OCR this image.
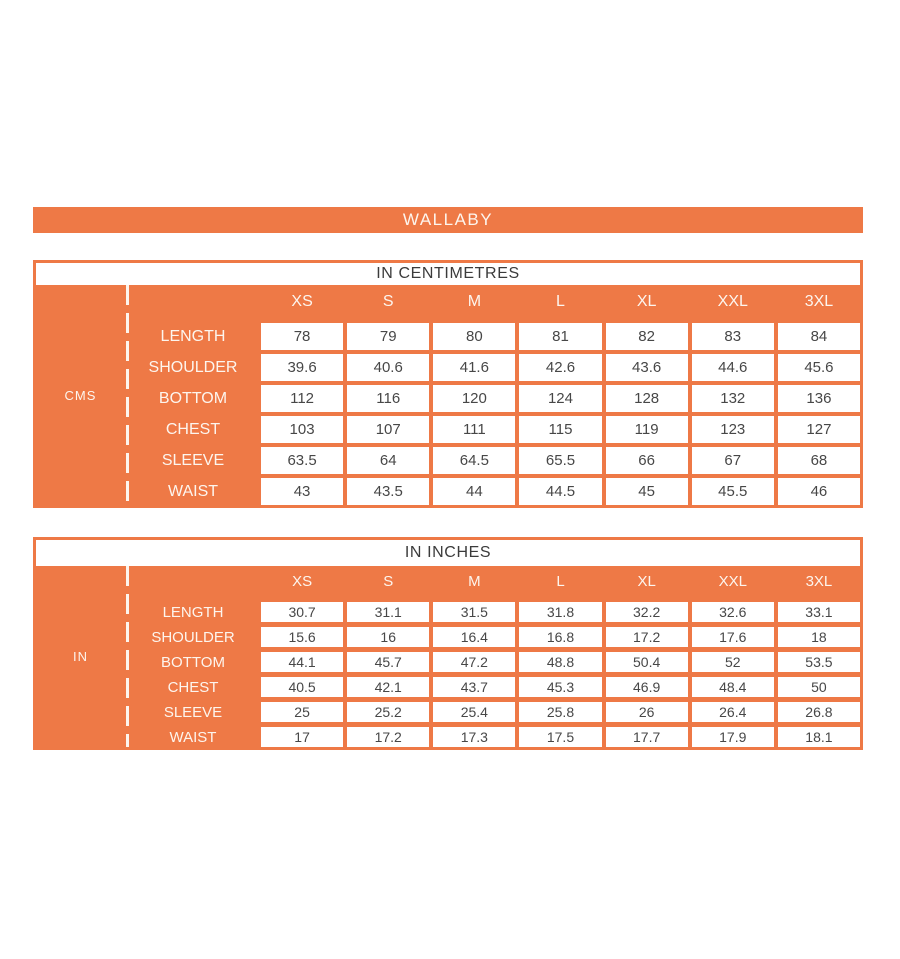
WALLABY
IN CENTIMETRES
CMS
XS	S	M	L	XL	XXL	3XL
LENGTH	78	79	80	81	82	83	84
SHOULDER	39.6	40.6	41.6	42.6	43.6	44.6	45.6
BOTTOM	112	116	120	124	128	132	136
CHEST	103	107	111	115	119	123	127
SLEEVE	63.5	64	64.5	65.5	66	67	68
WAIST	43	43.5	44	44.5	45	45.5	46
IN INCHES
IN
XS	S	M	L	XL	XXL	3XL
LENGTH	30.7	31.1	31.5	31.8	32.2	32.6	33.1
SHOULDER	15.6	16	16.4	16.8	17.2	17.6	18
BOTTOM	44.1	45.7	47.2	48.8	50.4	52	53.5
CHEST	40.5	42.1	43.7	45.3	46.9	48.4	50
SLEEVE	25	25.2	25.4	25.8	26	26.4	26.8
WAIST	17	17.2	17.3	17.5	17.7	17.9	18.1
